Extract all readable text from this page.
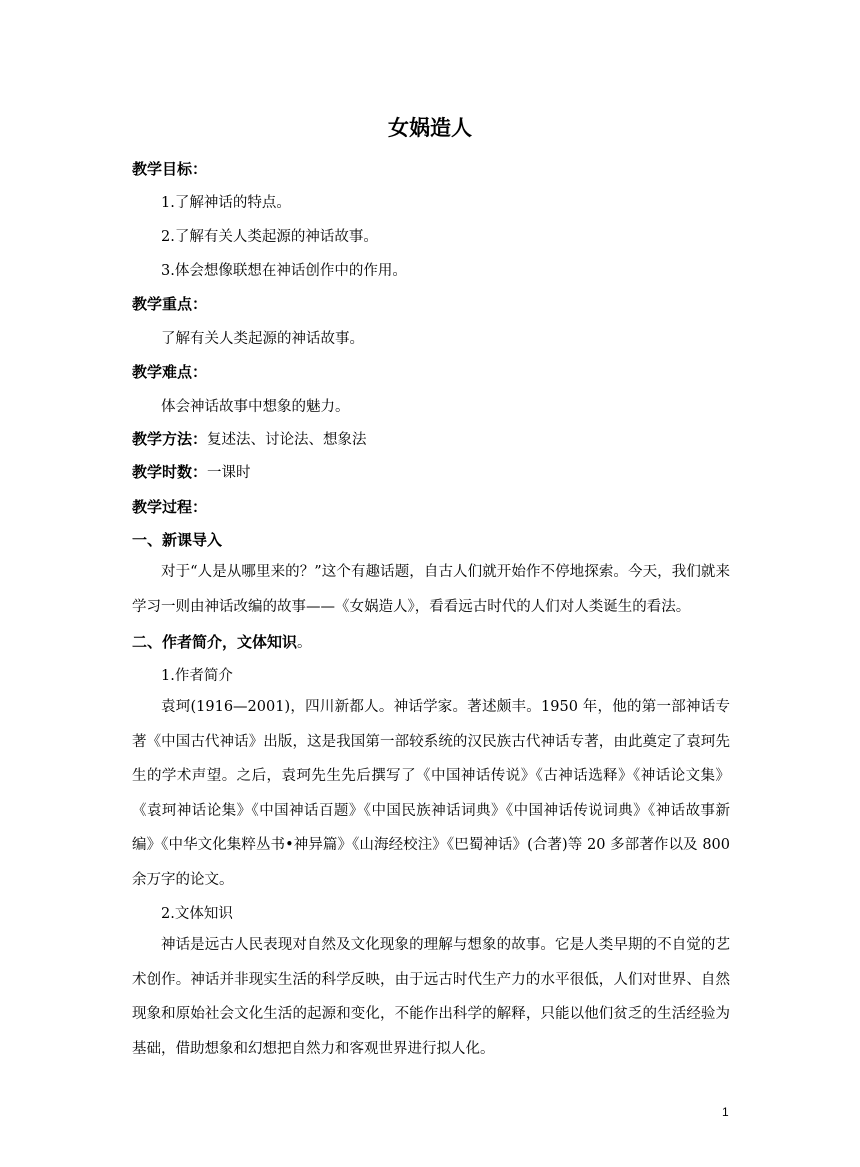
女娲造人
教学目标：
1.了解神话的特点。
2.了解有关人类起源的神话故事。
3.体会想像联想在神话创作中的作用。
教学重点：
了解有关人类起源的神话故事。
教学难点：
体会神话故事中想象的魅力。
教学方法：复述法、讨论法、想象法
教学时数：一课时
教学过程：
一、新课导入
对于“人是从哪里来的？”这个有趣话题，自古人们就开始作不停地探索。今天，我们就来学习一则由神话改编的故事——《女娲造人》，看看远古时代的人们对人类诞生的看法。
二、作者简介，文体知识。
1.作者简介
袁珂(1916—2001)，四川新都人。神话学家。著述颇丰。1950 年，他的第一部神话专著《中国古代神话》出版，这是我国第一部较系统的汉民族古代神话专著，由此奠定了袁珂先生的学术声望。之后，袁珂先生先后撰写了《中国神话传说》《古神话选释》《神话论文集》《袁珂神话论集》《中国神话百题》《中国民族神话词典》《中国神话传说词典》《神话故事新编》《中华文化集粹丛书•神异篇》《山海经校注》《巴蜀神话》(合著)等 20 多部著作以及 800 余万字的论文。
2.文体知识
神话是远古人民表现对自然及文化现象的理解与想象的故事。它是人类早期的不自觉的艺术创作。神话并非现实生活的科学反映，由于远古时代生产力的水平很低，人们对世界、自然现象和原始社会文化生活的起源和变化，不能作出科学的解释，只能以他们贫乏的生活经验为基础，借助想象和幻想把自然力和客观世界进行拟人化。
1
